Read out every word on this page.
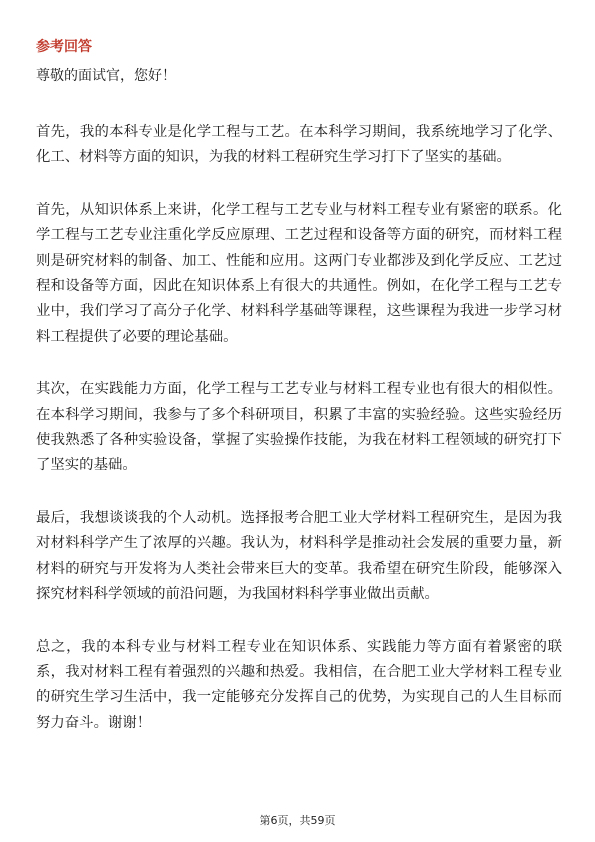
参考回答
尊敬的面试官，您好！

首先，我的本科专业是化学工程与工艺。在本科学习期间，我系统地学习了化学、化工、材料等方面的知识，为我的材料工程研究生学习打下了坚实的基础。

首先，从知识体系上来讲，化学工程与工艺专业与材料工程专业有紧密的联系。化学工程与工艺专业注重化学反应原理、工艺过程和设备等方面的研究，而材料工程则是研究材料的制备、加工、性能和应用。这两门专业都涉及到化学反应、工艺过程和设备等方面，因此在知识体系上有很大的共通性。例如，在化学工程与工艺专业中，我们学习了高分子化学、材料科学基础等课程，这些课程为我进一步学习材料工程提供了必要的理论基础。

其次，在实践能力方面，化学工程与工艺专业与材料工程专业也有很大的相似性。在本科学习期间，我参与了多个科研项目，积累了丰富的实验经验。这些实验经历使我熟悉了各种实验设备，掌握了实验操作技能，为我在材料工程领域的研究打下了坚实的基础。

最后，我想谈谈我的个人动机。选择报考合肥工业大学材料工程研究生，是因为我对材料科学产生了浓厚的兴趣。我认为，材料科学是推动社会发展的重要力量，新材料的研究与开发将为人类社会带来巨大的变革。我希望在研究生阶段，能够深入探究材料科学领域的前沿问题，为我国材料科学事业做出贡献。

总之，我的本科专业与材料工程专业在知识体系、实践能力等方面有着紧密的联系，我对材料工程有着强烈的兴趣和热爱。我相信，在合肥工业大学材料工程专业的研究生学习生活中，我一定能够充分发挥自己的优势，为实现自己的人生目标而努力奋斗。谢谢！

第6页，共59页
